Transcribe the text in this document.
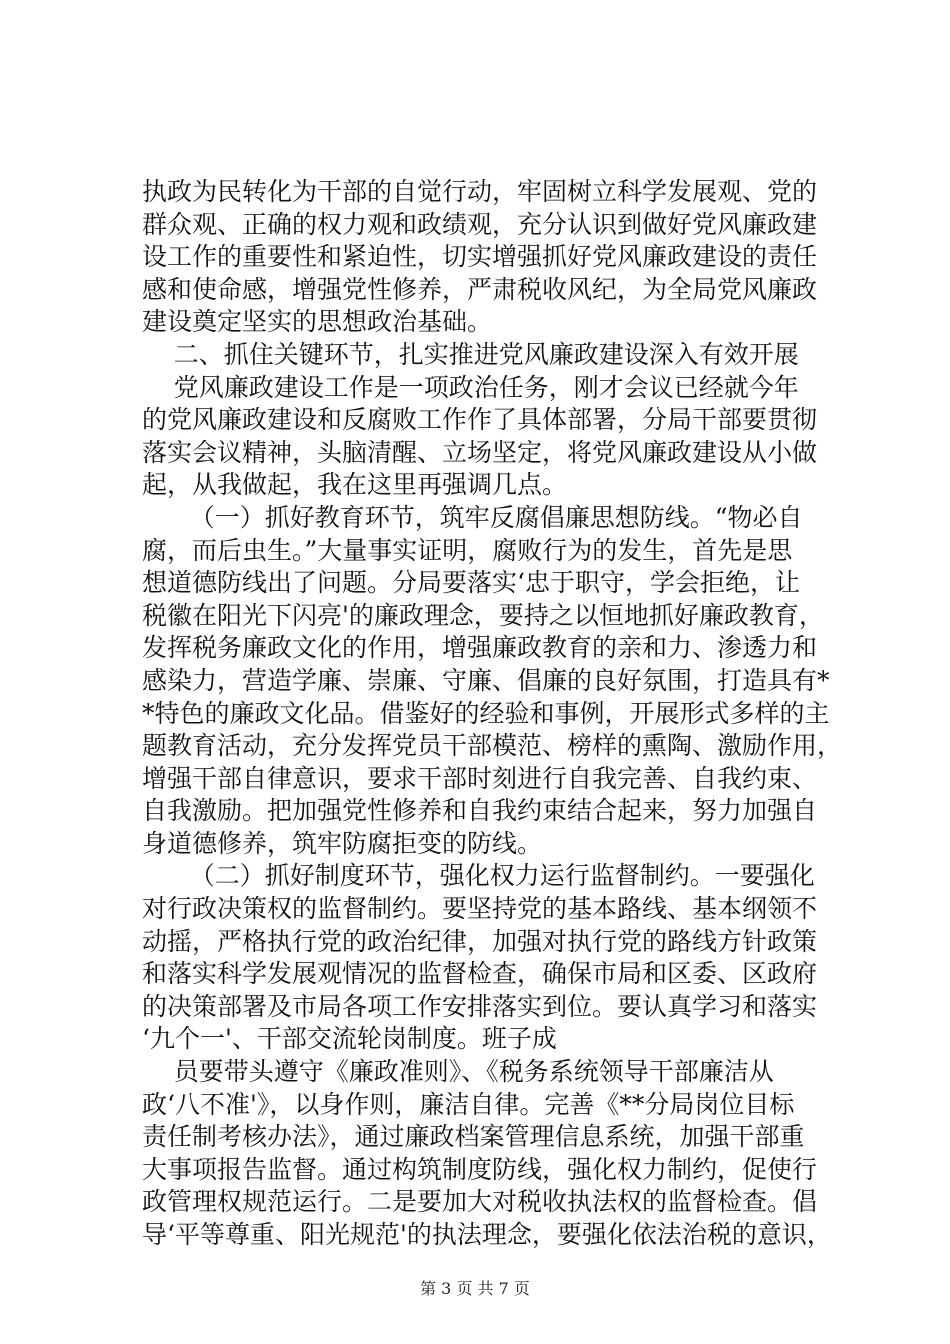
执政为民转化为干部的自觉行动，牢固树立科学发展观、党的

群众观、正确的权力观和政绩观，充分认识到做好党风廉政建

设工作的重要性和紧迫性，切实增强抓好党风廉政建设的责任

感和使命感，增强党性修养，严肃税收风纪，为全局党风廉政

建设奠定坚实的思想政治基础。

二、抓住关键环节，扎实推进党风廉政建设深入有效开展

党风廉政建设工作是一项政治任务，刚才会议已经就今年

的党风廉政建设和反腐败工作作了具体部署，分局干部要贯彻

落实会议精神，头脑清醒、立场坚定，将党风廉政建设从小做

起，从我做起，我在这里再强调几点。

（一）抓好教育环节，筑牢反腐倡廉思想防线。“物必自

腐，而后虫生。”大量事实证明，腐败行为的发生，首先是思

想道德防线出了问题。分局要落实‘忠于职守，学会拒绝，让

税徽在阳光下闪亮'的廉政理念，要持之以恒地抓好廉政教育，

发挥税务廉政文化的作用，增强廉政教育的亲和力、渗透力和

感染力，营造学廉、崇廉、守廉、倡廉的良好氛围，打造具有*

*特色的廉政文化品。借鉴好的经验和事例，开展形式多样的主

题教育活动，充分发挥党员干部模范、榜样的熏陶、激励作用，

增强干部自律意识，要求干部时刻进行自我完善、自我约束、

自我激励。把加强党性修养和自我约束结合起来，努力加强自

身道德修养，筑牢防腐拒变的防线。

（二）抓好制度环节，强化权力运行监督制约。一要强化

对行政决策权的监督制约。要坚持党的基本路线、基本纲领不

动摇，严格执行党的政治纪律，加强对执行党的路线方针政策

和落实科学发展观情况的监督检查，确保市局和区委、区政府

的决策部署及市局各项工作安排落实到位。要认真学习和落实

‘九个一'、干部交流轮岗制度。班子成

员要带头遵守《廉政准则》、《税务系统领导干部廉洁从

政‘八不准'》，以身作则，廉洁自律。完善《**分局岗位目标

责任制考核办法》，通过廉政档案管理信息系统，加强干部重

大事项报告监督。通过构筑制度防线，强化权力制约，促使行

政管理权规范运行。二是要加大对税收执法权的监督检查。倡

导‘平等尊重、阳光规范'的执法理念，要强化依法治税的意识，

第 3 页 共 7 页
